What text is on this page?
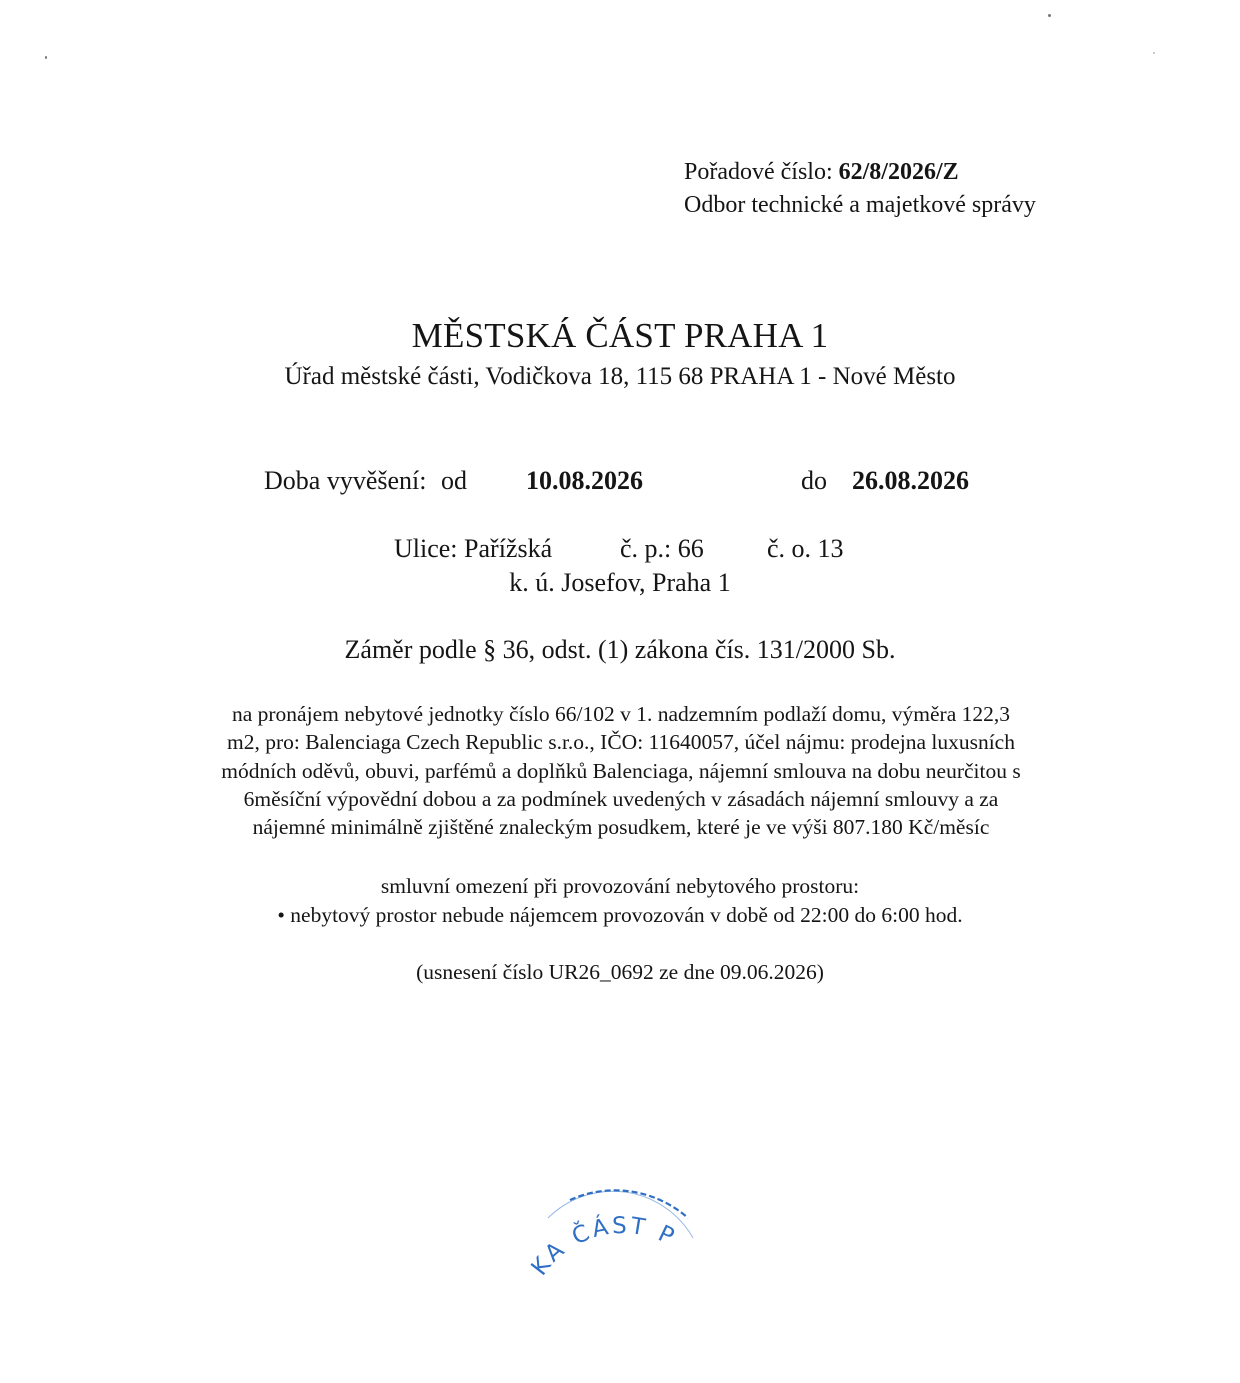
Pořadové číslo: 62/8/2026/Z
Odbor technické a majetkové správy
MĚSTSKÁ ČÁST PRAHA 1
Úřad městské části, Vodičkova 18, 115 68 PRAHA 1 - Nové Město
Doba vyvěšení: od 10.08.2026	do 26.08.2026
Ulice: Pařížská	č. p.: 66 č. o. 13
k. ú. Josefov, Praha 1
Záměr podle § 36, odst. (1) zákona čís. 131/2000 Sb.
na pronájem nebytové jednotky číslo 66/102 v 1. nadzemním podlaží domu, výměra 122,3
m2, pro: Balenciaga Czech Republic s.r.o., IČO: 11640057, účel nájmu: prodejna luxusních
módních oděvů, obuvi, parfémů a doplňků Balenciaga, nájemní smlouva na dobu neurčitou s
6měsíční výpovědní dobou a za podmínek uvedených v zásadách nájemní smlouvy a za
nájemné minimálně zjištěné znaleckým posudkem, které je ve výši 807.180 Kč/měsíc
smluvní omezení při provozování nebytového prostoru:
• nebytový prostor nebude nájemcem provozován v době od 22:00 do 6:00 hod.
(usnesení číslo UR26_0692 ze dne 09.06.2026)
KA ČÁST P
